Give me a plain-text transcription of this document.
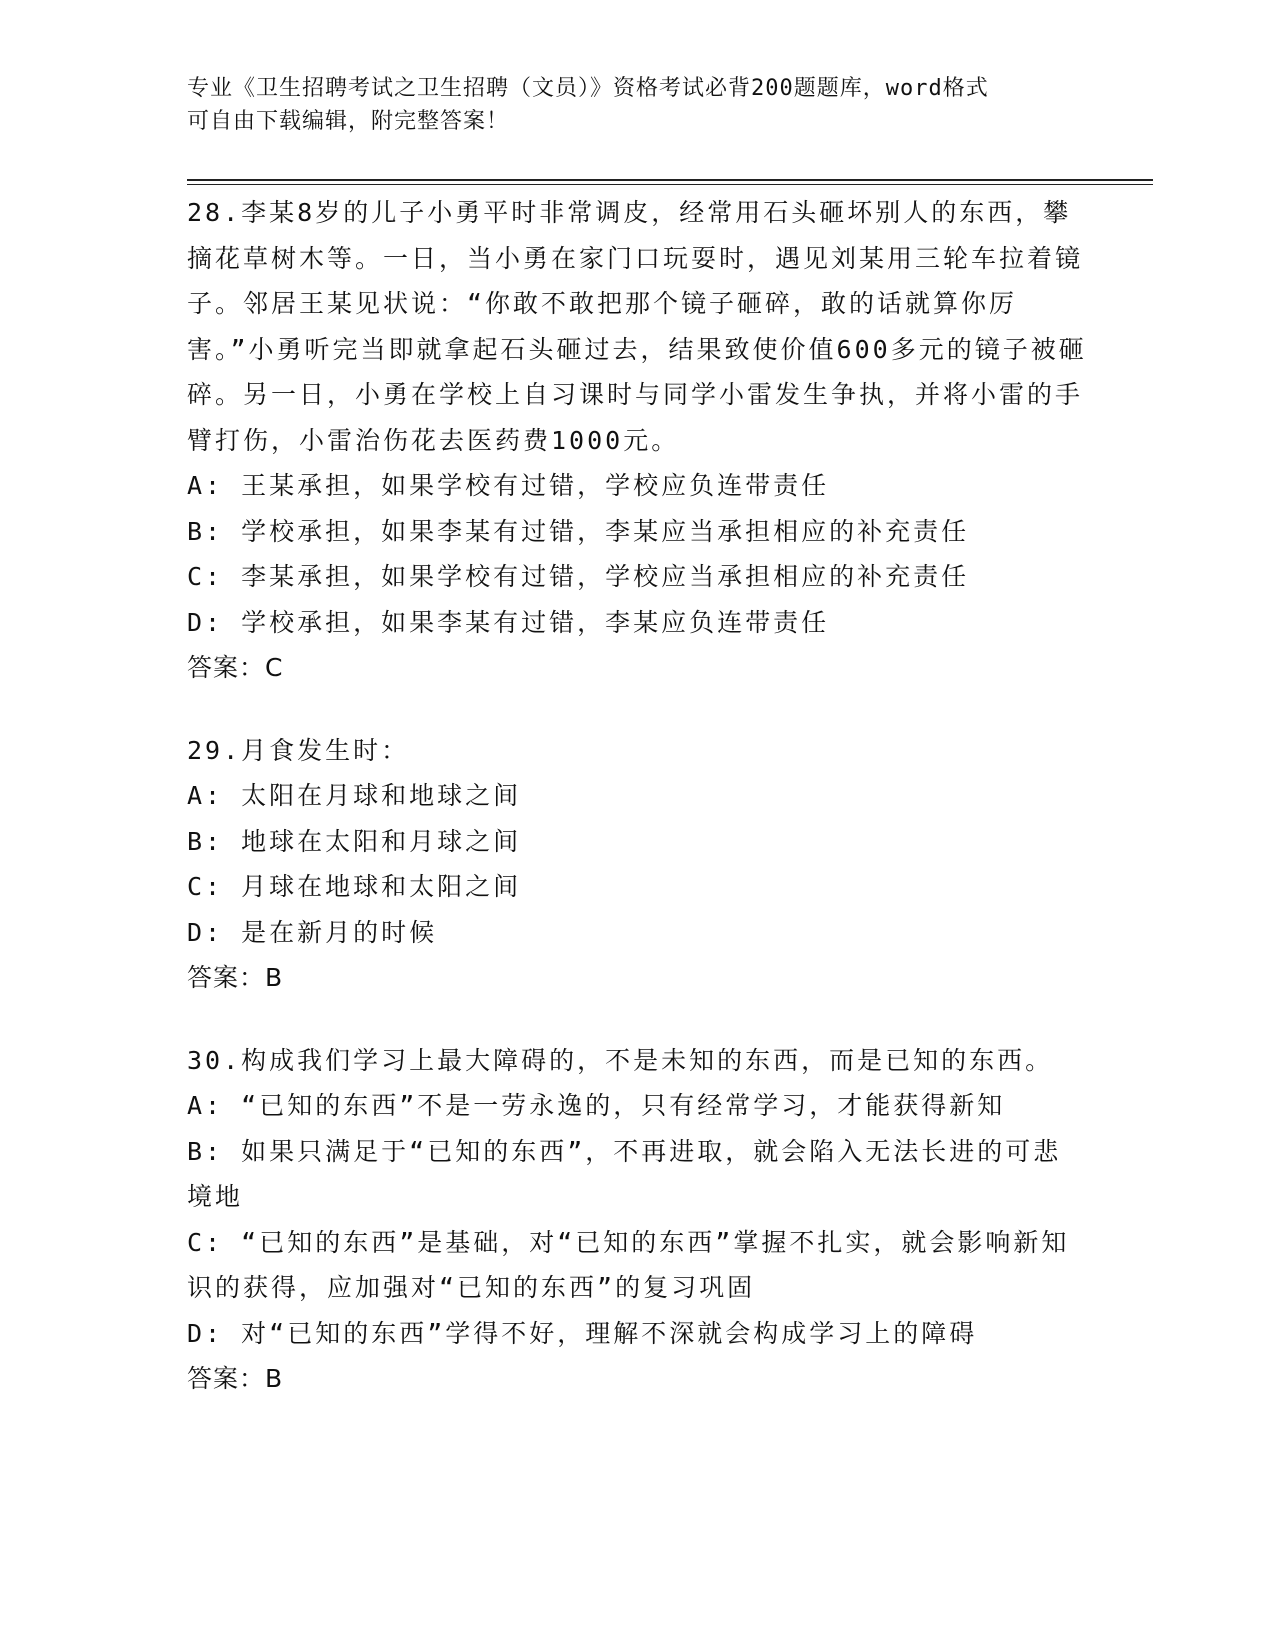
专业《卫生招聘考试之卫生招聘（文员）》资格考试必背200题题库，word格式
可自由下载编辑，附完整答案！

28.李某8岁的儿子小勇平时非常调皮，经常用石头砸坏别人的东西，攀摘花草树木等。一日，当小勇在家门口玩耍时，遇见刘某用三轮车拉着镜子。邻居王某见状说：“你敢不敢把那个镜子砸碎，敢的话就算你厉害。”小勇听完当即就拿起石头砸过去，结果致使价值600多元的镜子被砸碎。另一日，小勇在学校上自习课时与同学小雷发生争执，并将小雷的手臂打伤，小雷治伤花去医药费1000元。

A: 王某承担，如果学校有过错，学校应负连带责任

B: 学校承担，如果李某有过错，李某应当承担相应的补充责任

C: 李某承担，如果学校有过错，学校应当承担相应的补充责任

D: 学校承担，如果李某有过错，李某应负连带责任

答案：C

29.月食发生时：

A: 太阳在月球和地球之间

B: 地球在太阳和月球之间

C: 月球在地球和太阳之间

D: 是在新月的时候

答案：B

30.构成我们学习上最大障碍的，不是未知的东西，而是已知的东西。

A: “已知的东西”不是一劳永逸的，只有经常学习，才能获得新知

B: 如果只满足于“已知的东西”，不再进取，就会陷入无法长进的可悲境地

C: “已知的东西”是基础，对“已知的东西”掌握不扎实，就会影响新知识的获得，应加强对“已知的东西”的复习巩固

D: 对“已知的东西”学得不好，理解不深就会构成学习上的障碍

答案：B
